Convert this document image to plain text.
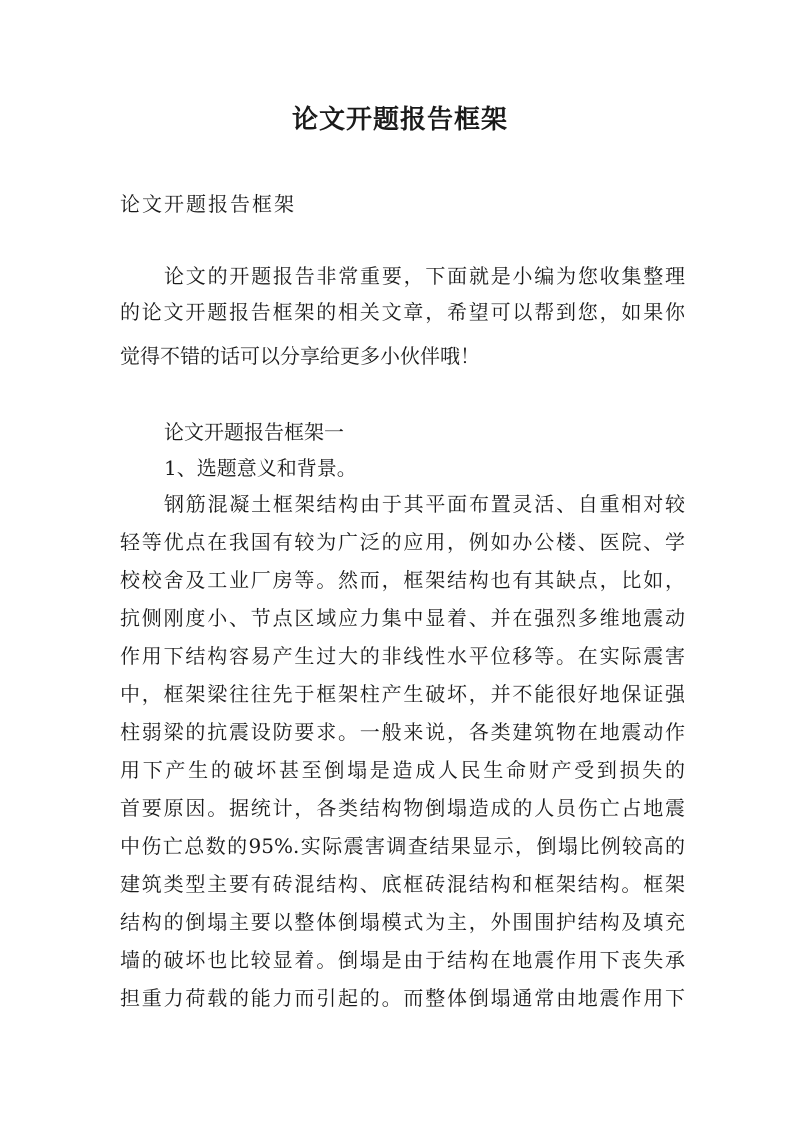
论文开题报告框架
论文开题报告框架
论文的开题报告非常重要，下面就是小编为您收集整理
的论文开题报告框架的相关文章，希望可以帮到您，如果你
觉得不错的话可以分享给更多小伙伴哦！
论文开题报告框架一
1、选题意义和背景。
钢筋混凝土框架结构由于其平面布置灵活、自重相对较
轻等优点在我国有较为广泛的应用，例如办公楼、医院、学
校校舍及工业厂房等。然而，框架结构也有其缺点，比如，
抗侧刚度小、节点区域应力集中显着、并在强烈多维地震动
作用下结构容易产生过大的非线性水平位移等。在实际震害
中，框架梁往往先于框架柱产生破坏，并不能很好地保证强
柱弱梁的抗震设防要求。一般来说，各类建筑物在地震动作
用下产生的破坏甚至倒塌是造成人民生命财产受到损失的
首要原因。据统计，各类结构物倒塌造成的人员伤亡占地震
中伤亡总数的95%.实际震害调查结果显示，倒塌比例较高的
建筑类型主要有砖混结构、底框砖混结构和框架结构。框架
结构的倒塌主要以整体倒塌模式为主，外围围护结构及填充
墙的破坏也比较显着。倒塌是由于结构在地震作用下丧失承
担重力荷载的能力而引起的。而整体倒塌通常由地震作用下
